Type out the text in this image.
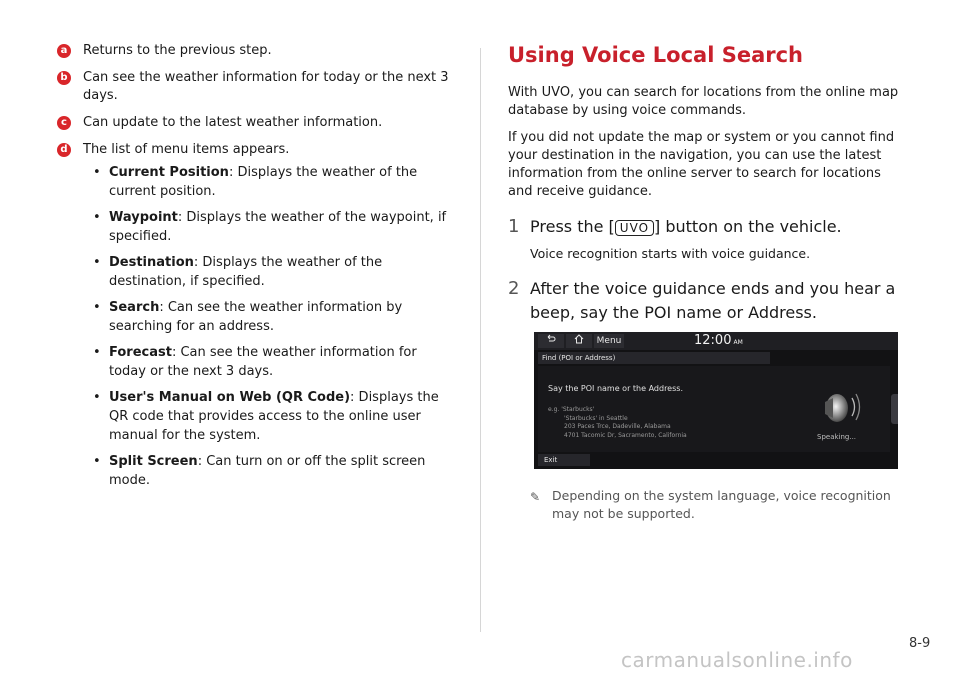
a Returns to the previous step.
b Can see the weather information for today or the next 3 days.
c	Can update to the latest weather information.
d The list of menu items appears.
• Current Position: Displays the weather of the current position.
• Waypoint: Displays the weather of the waypoint, if specified.
• Destination: Displays the weather of the destination, if specified.
• Search: Can see the weather information by searching for an address.
• Forecast: Can see the weather information for today or the next 3 days.
• User's Manual on Web (QR Code): Displays the QR code that provides access to the online user manual for the system.
• Split Screen: Can turn on or off the split screen mode.
Using Voice Local Search

With UVO, you can search for locations from the online map database by using voice commands.

If you did not update the map or system or you cannot find your destination in the navigation, you can use the latest information from the online server to search for locations and receive guidance.

1 Press the [ UVO ] button on the vehicle.
Voice recognition starts with voice guidance.
2 After the voice guidance ends and you hear a beep, say the POI name or Address.
Menu	12:00 AM
Find (POI or Address)
Say the POI name or the Address.
e.g. 'Starbucks'
'Starbucks' in Seattle
203 Paces Trce, Dadeville, Alabama
4701 Tacomic Dr, Sacramento, California	Speaking...
Exit
✎ Depending on the system language, voice recognition may not be supported.
8-9
carmanualsonline.info
